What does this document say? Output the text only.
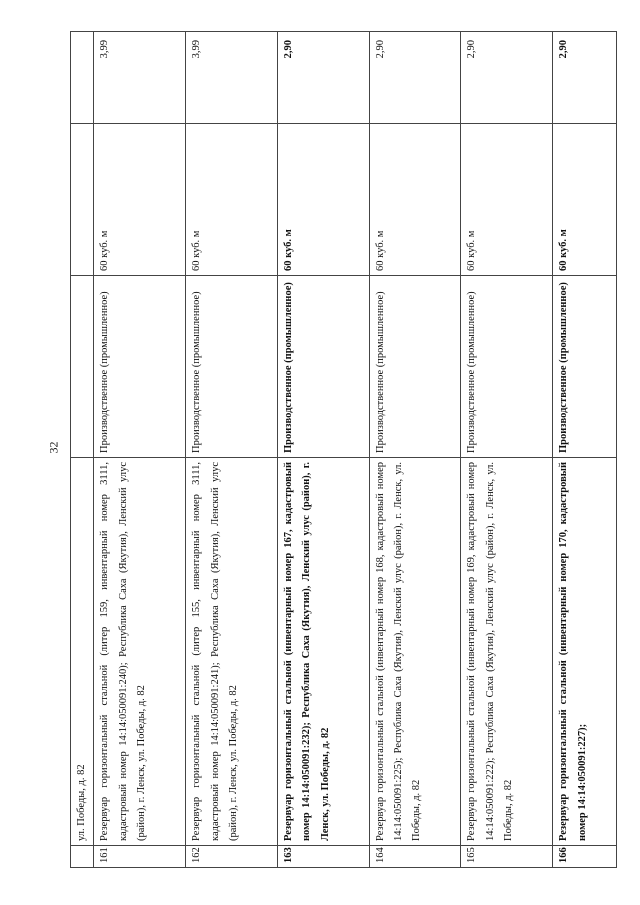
32
	ул. Победы, д. 82			
161	Резервуар горизонтальный стальной (литер 159, инвентарный номер 3111, кадастровый номер 14:14:050091:240); Республика Саха (Якутия), Ленский улус (район), г. Ленск, ул. Победы, д. 82	Производственное (промышленное)	60 куб. м	3,99
162	Резервуар горизонтальный стальной (литер 155, инвентарный номер 3111, кадастровый номер 14:14:050091:241); Республика Саха (Якутия), Ленский улус (район), г. Ленск, ул. Победы, д. 82	Производственное (промышленное)	60 куб. м	3,99
163	Резервуар горизонтальный стальной (инвентарный номер 167, кадастровый номер 14:14:050091:232); Республика Саха (Якутия), Ленский улус (район), г. Ленск, ул. Победы, д. 82	Производственное (промышленное)	60 куб. м	2,90
164	Резервуар горизонтальный стальной (инвентарный номер 168, кадастровый номер 14:14:050091:225); Республика Саха (Якутия), Ленский улус (район), г. Ленск, ул. Победы, д. 82	Производственное (промышленное)	60 куб. м	2,90
165	Резервуар горизонтальный стальной (инвентарный номер 169, кадастровый номер 14:14:050091:222); Республика Саха (Якутия), Ленский улус (район), г. Ленск, ул. Победы, д. 82	Производственное (промышленное)	60 куб. м	2,90
166	Резервуар горизонтальный стальной (инвентарный номер 170, кадастровый номер 14:14:050091:227);	Производственное (промышленное)	60 куб. м	2,90
